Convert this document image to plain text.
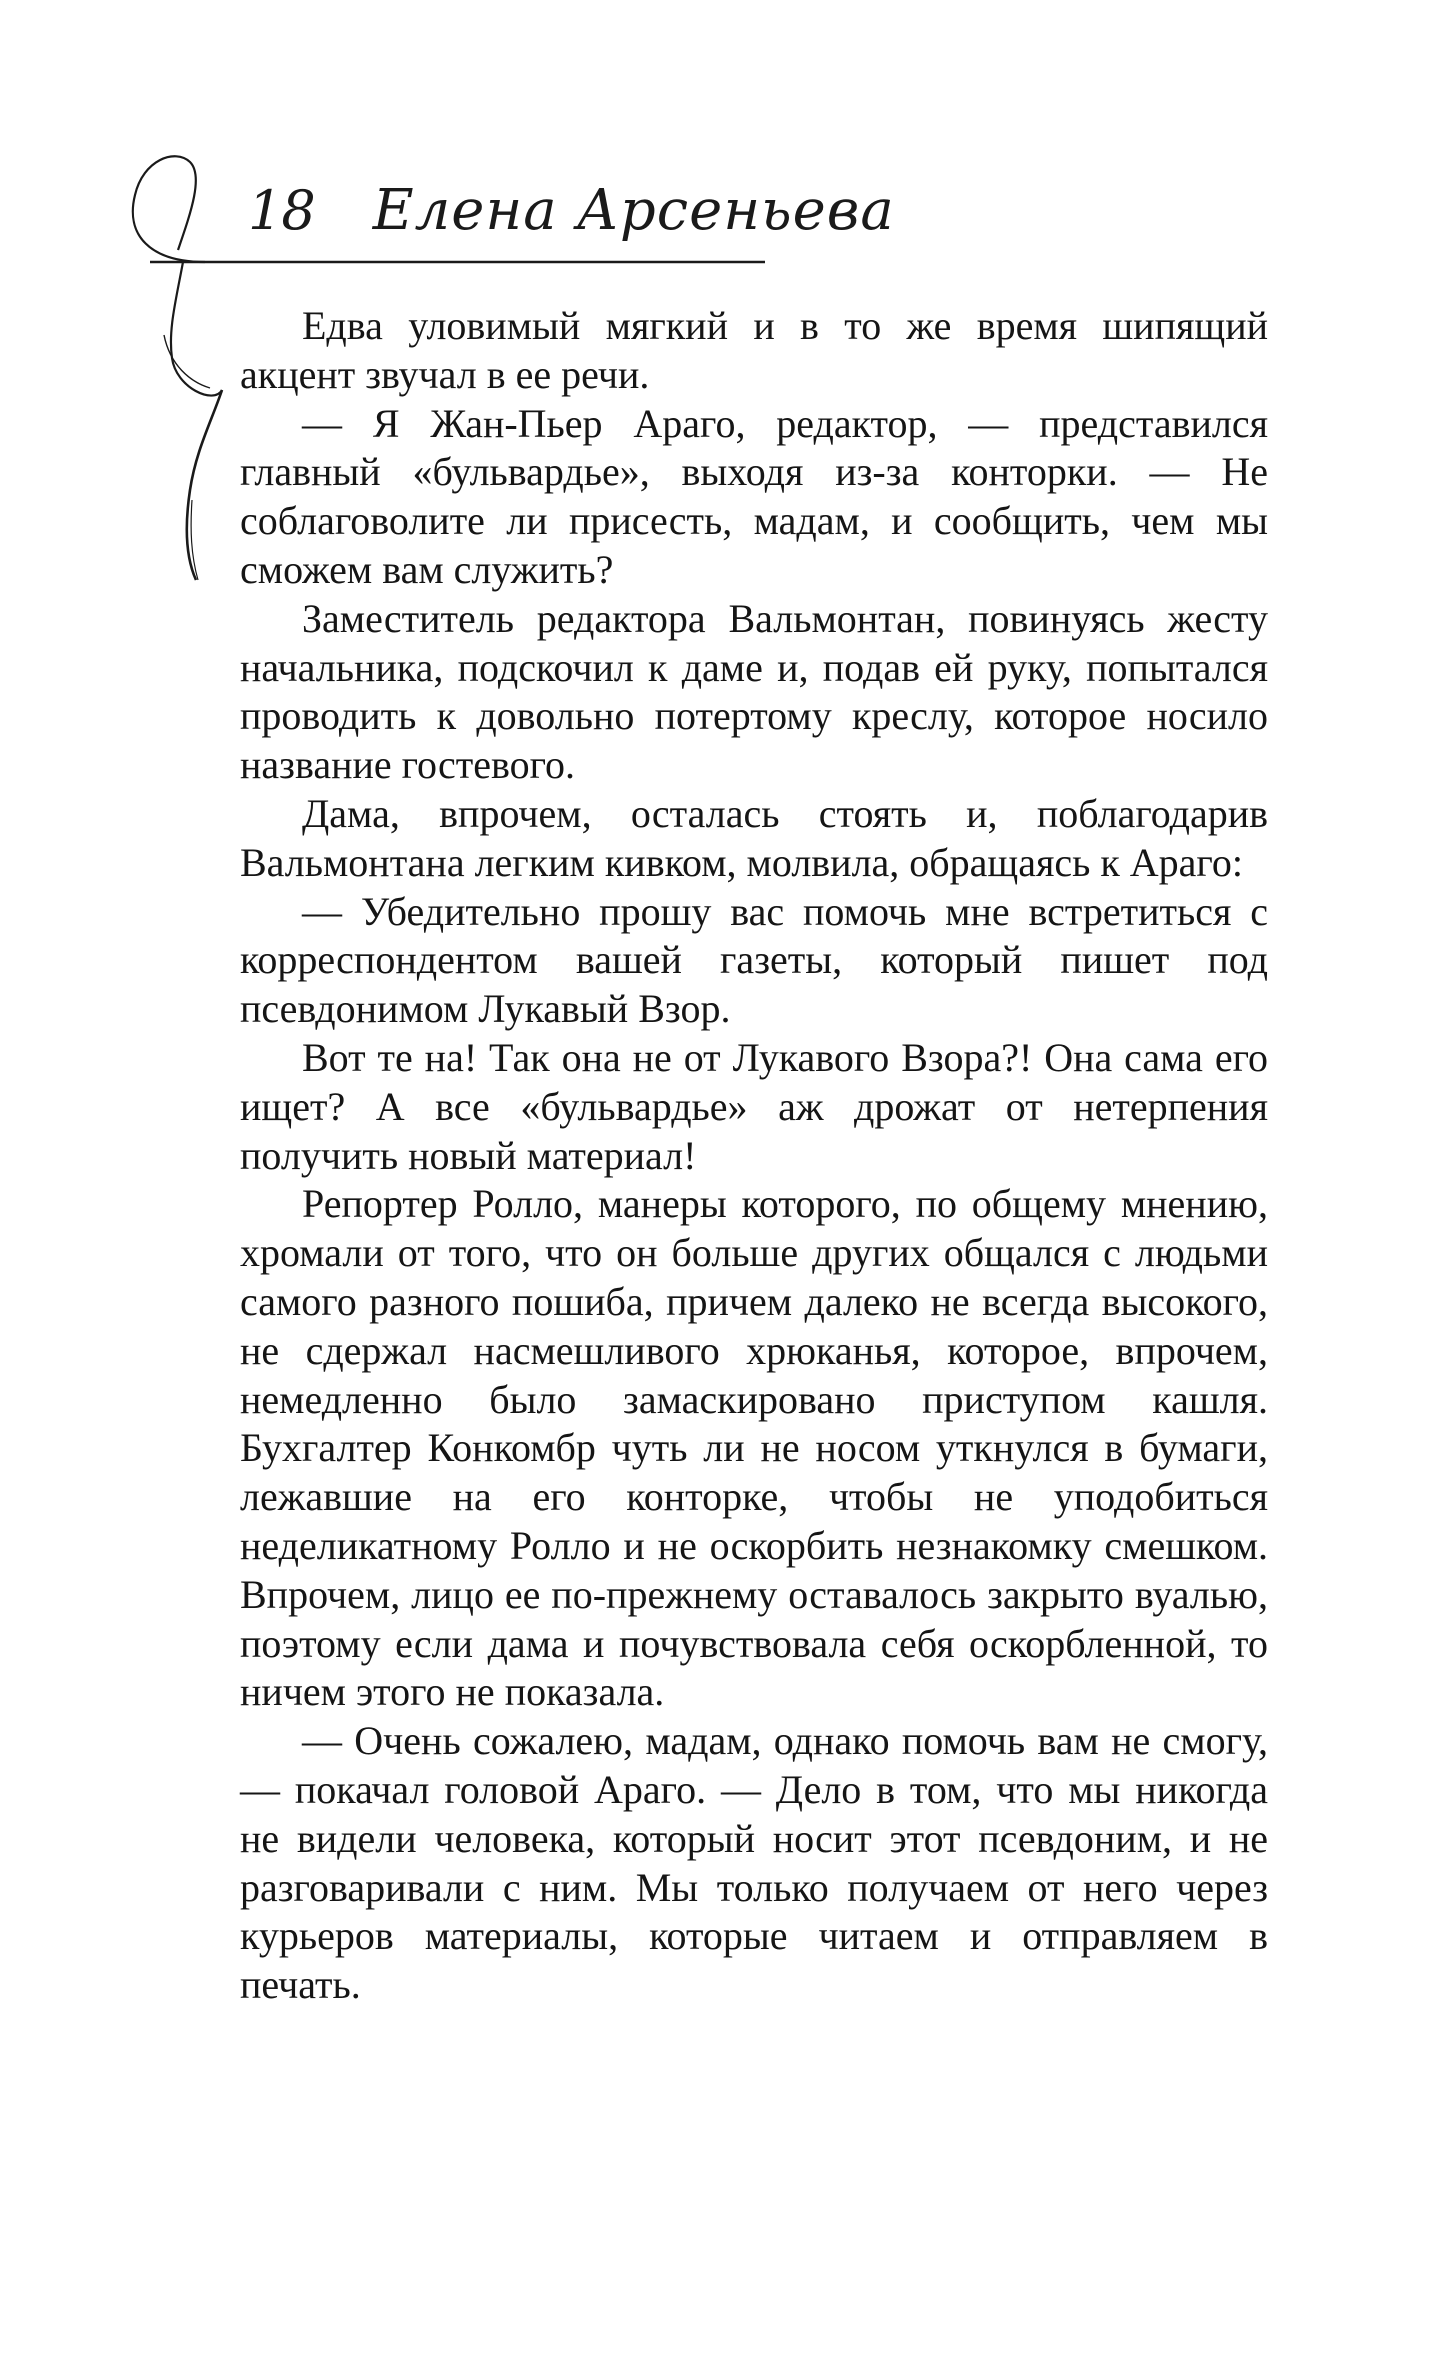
18 Елена Арсеньева

Едва уловимый мягкий и в то же время шипящий акцент звучал в ее речи.

— Я Жан-Пьер Араго, редактор, — представился главный «бульвардье», выходя из-за конторки. — Не соблаговолите ли присесть, мадам, и сообщить, чем мы сможем вам служить?

Заместитель редактора Вальмонтан, повинуясь жесту начальника, подскочил к даме и, подав ей руку, попытался проводить к довольно потертому креслу, которое носило название гостевого.

Дама, впрочем, осталась стоять и, поблагодарив Вальмонтана легким кивком, молвила, обращаясь к Араго:

— Убедительно прошу вас помочь мне встретиться с корреспондентом вашей газеты, который пишет под псевдонимом Лукавый Взор.

Вот те на! Так она не от Лукавого Взора?! Она сама его ищет? А все «бульвардье» аж дрожат от нетерпения получить новый материал!

Репортер Ролло, манеры которого, по общему мнению, хромали от того, что он больше других общался с людьми самого разного пошиба, причем далеко не всегда высокого, не сдержал насмешливого хрюканья, которое, впрочем, немедленно было замаскировано приступом кашля. Бухгалтер Конкомбр чуть ли не носом уткнулся в бумаги, лежавшие на его конторке, чтобы не уподобиться неделикатному Ролло и не оскорбить незнакомку смешком. Впрочем, лицо ее по-прежнему оставалось закрыто вуалью, поэтому если дама и почувствовала себя оскорбленной, то ничем этого не показала.

— Очень сожалею, мадам, однако помочь вам не смогу, — покачал головой Араго. — Дело в том, что мы никогда не видели человека, который носит этот псевдоним, и не разговаривали с ним. Мы только получаем от него через курьеров материалы, которые читаем и отправляем в печать.
